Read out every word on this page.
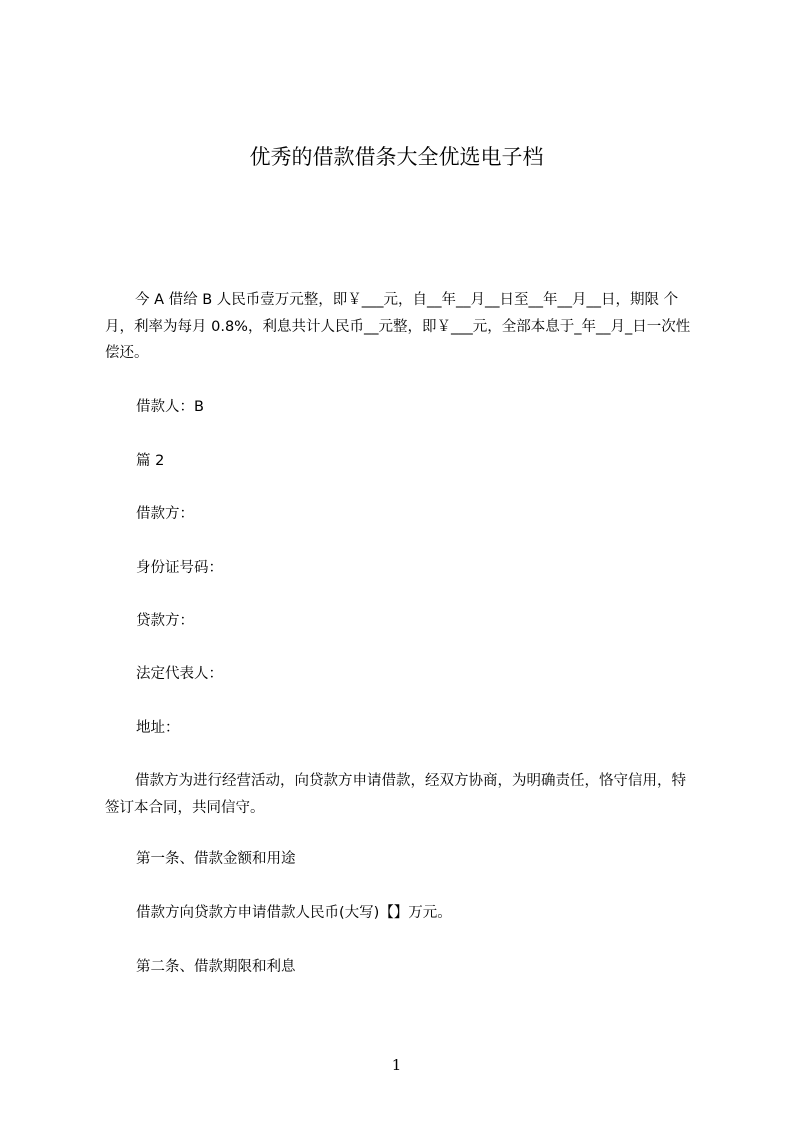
优秀的借款借条大全优选电子档

今 A 借给 B 人民币壹万元整，即￥___元，自__年__月__日至__年__月__日，期限 个月，利率为每月 0.8%，利息共计人民币__元整，即￥___元，全部本息于_年__月_日一次性偿还。

借款人：B
篇 2
借款方：
身份证号码：
贷款方：
法定代表人：
地址：

借款方为进行经营活动，向贷款方申请借款，经双方协商，为明确责任，恪守信用，特签订本合同，共同信守。

第一条、借款金额和用途
借款方向贷款方申请借款人民币(大写)【】万元。
第二条、借款期限和利息
1
